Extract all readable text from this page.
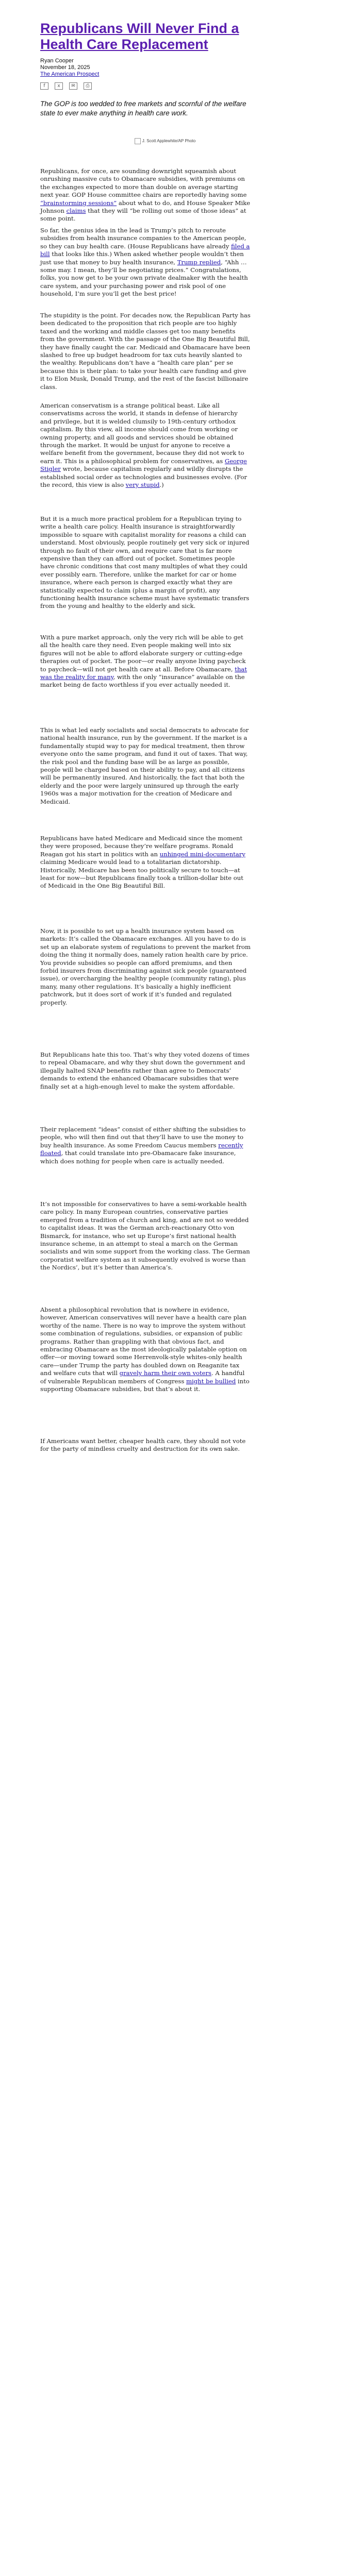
Republicans Will Never Find a Health Care Replacement
Ryan Cooper
November 18, 2025
The American Prospect
f	x	✉	⎙

The GOP is too wedded to free markets and scornful of the welfare state to ever make anything in health care work.

J. Scott Applewhite/AP Photo

Republicans, for once, are sounding downright squeamish about onrushing massive cuts to Obamacare subsidies, with premiums on the exchanges expected to more than double on average starting next year. GOP House committee chairs are reportedly having some “brainstorming sessions” about what to do, and House Speaker Mike Johnson claims that they will “be rolling out some of those ideas” at some point.

So far, the genius idea in the lead is Trump’s pitch to reroute subsidies from health insurance companies to the American people, so they can buy health care. (House Republicans have already filed a bill that looks like this.) When asked whether people wouldn’t then just use that money to buy health insurance, Trump replied, “Ahh … some may. I mean, they’ll be negotiating prices.” Congratulations, folks, you now get to be your own private dealmaker with the health care system, and your purchasing power and risk pool of one household, I’m sure you’ll get the best price!

The stupidity is the point. For decades now, the Republican Party has been dedicated to the proposition that rich people are too highly taxed and the working and middle classes get too many benefits from the government. With the passage of the One Big Beautiful Bill, they have finally caught the car. Medicaid and Obamacare have been slashed to free up budget headroom for tax cuts heavily slanted to the wealthy. Republicans don’t have a “health care plan” per se because this is their plan: to take your health care funding and give it to Elon Musk, Donald Trump, and the rest of the fascist billionaire class.

American conservatism is a strange political beast. Like all conservatisms across the world, it stands in defense of hierarchy and privilege, but it is welded clumsily to 19th-century orthodox capitalism. By this view, all income should come from working or owning property, and all goods and services should be obtained through the market. It would be unjust for anyone to receive a welfare benefit from the government, because they did not work to earn it. This is a philosophical problem for conservatives, as George Stigler wrote, because capitalism regularly and wildly disrupts the established social order as technologies and businesses evolve. (For the record, this view is also very stupid.)

But it is a much more practical problem for a Republican trying to write a health care policy. Health insurance is straightforwardly impossible to square with capitalist morality for reasons a child can understand. Most obviously, people routinely get very sick or injured through no fault of their own, and require care that is far more expensive than they can afford out of pocket. Sometimes people have chronic conditions that cost many multiples of what they could ever possibly earn. Therefore, unlike the market for car or home insurance, where each person is charged exactly what they are statistically expected to claim (plus a margin of profit), any functioning health insurance scheme must have systematic transfers from the young and healthy to the elderly and sick.

With a pure market approach, only the very rich will be able to get all the health care they need. Even people making well into six figures will not be able to afford elaborate surgery or cutting-edge therapies out of pocket. The poor—or really anyone living paycheck to paycheck—will not get health care at all. Before Obamacare, that was the reality for many, with the only “insurance” available on the market being de facto worthless if you ever actually needed it.

This is what led early socialists and social democrats to advocate for national health insurance, run by the government. If the market is a fundamentally stupid way to pay for medical treatment, then throw everyone onto the same program, and fund it out of taxes. That way, the risk pool and the funding base will be as large as possible, people will be charged based on their ability to pay, and all citizens will be permanently insured. And historically, the fact that both the elderly and the poor were largely uninsured up through the early 1960s was a major motivation for the creation of Medicare and Medicaid.

Republicans have hated Medicare and Medicaid since the moment they were proposed, because they’re welfare programs. Ronald Reagan got his start in politics with an unhinged mini-documentary claiming Medicare would lead to a totalitarian dictatorship. Historically, Medicare has been too politically secure to touch—at least for now—but Republicans finally took a trillion-dollar bite out of Medicaid in the One Big Beautiful Bill.

Now, it is possible to set up a health insurance system based on markets: It’s called the Obamacare exchanges. All you have to do is set up an elaborate system of regulations to prevent the market from doing the thing it normally does, namely ration health care by price. You provide subsidies so people can afford premiums, and then forbid insurers from discriminating against sick people (guaranteed issue), or overcharging the healthy people (community rating), plus many, many other regulations. It’s basically a highly inefficient patchwork, but it does sort of work if it’s funded and regulated properly.

But Republicans hate this too. That’s why they voted dozens of times to repeal Obamacare, and why they shut down the government and illegally halted SNAP benefits rather than agree to Democrats’ demands to extend the enhanced Obamacare subsidies that were finally set at a high-enough level to make the system affordable.

Their replacement “ideas” consist of either shifting the subsidies to people, who will then find out that they’ll have to use the money to buy health insurance. As some Freedom Caucus members recently floated, that could translate into pre-Obamacare fake insurance, which does nothing for people when care is actually needed.

It’s not impossible for conservatives to have a semi-workable health care policy. In many European countries, conservative parties emerged from a tradition of church and king, and are not so wedded to capitalist ideas. It was the German arch-reactionary Otto von Bismarck, for instance, who set up Europe’s first national health insurance scheme, in an attempt to steal a march on the German socialists and win some support from the working class. The German corporatist welfare system as it subsequently evolved is worse than the Nordics’, but it’s better than America’s.

Absent a philosophical revolution that is nowhere in evidence, however, American conservatives will never have a health care plan worthy of the name. There is no way to improve the system without some combination of regulations, subsidies, or expansion of public programs. Rather than grappling with that obvious fact, and embracing Obamacare as the most ideologically palatable option on offer—or moving toward some Herrenvolk-style whites-only health care—under Trump the party has doubled down on Reaganite tax and welfare cuts that will gravely harm their own voters. A handful of vulnerable Republican members of Congress might be bullied into supporting Obamacare subsidies, but that’s about it.

If Americans want better, cheaper health care, they should not vote for the party of mindless cruelty and destruction for its own sake.
